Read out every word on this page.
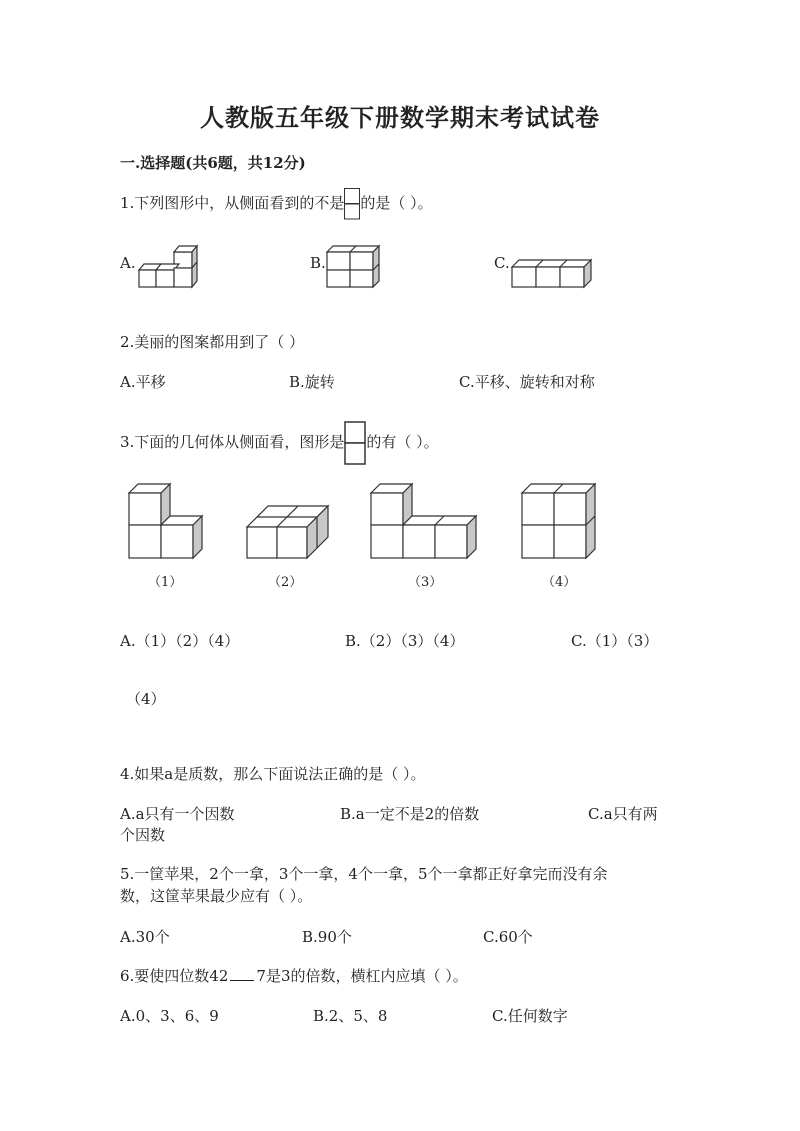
人教版五年级下册数学期末考试试卷
一.选择题(共6题，共12分)
1.下列图形中，从侧面看到的不是 的是（ ）。
A.	B.	C.
2.美丽的图案都用到了（ ）
A.平移	B.旋转	C.平移、旋转和对称
3.下面的几何体从侧面看，图形是 的有（ ）。
（1）	（2）	（3）	（4）
A.（1）（2）（4）	B.（2）（3）（4）	C.（1）（3）
（4）
4.如果a是质数，那么下面说法正确的是（ ）。
A.a只有一个因数	B.a一定不是2的倍数	C.a只有两
个因数
5.一筐苹果，2个一拿，3个一拿，4个一拿，5个一拿都正好拿完而没有余
数，这筐苹果最少应有（ ）。
A.30个	B.90个	C.60个
6.要使四位数42 7是3的倍数，横杠内应填（ ）。
A.0、3、6、9	B.2、5、8	C.任何数字
